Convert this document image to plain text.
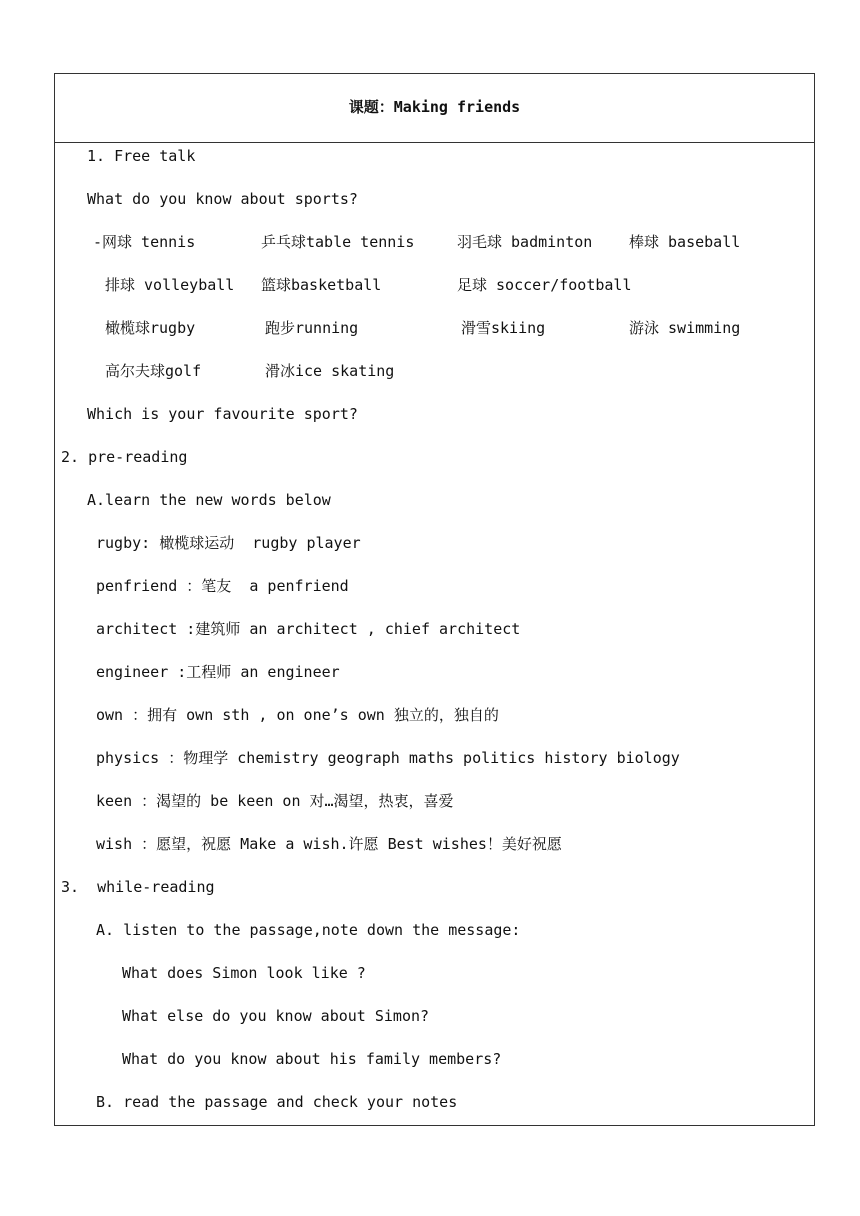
课题：Making friends
1. Free talk
What do you know about sports?
-网球 tennis	乒乓球table tennis	羽毛球 badminton 棒球 baseball
排球 volleyball 篮球basketball	足球 soccer/football
橄榄球rugby	跑步running	滑雪skiing	游泳 swimming
高尔夫球golf	滑冰ice skating
Which is your favourite sport?
2. pre-reading
A.learn the new words below
rugby: 橄榄球运动  rugby player
penfriend ：笔友  a penfriend
architect :建筑师 an architect , chief architect
engineer :工程师 an engineer
own ：拥有 own sth , on one’s own 独立的，独自的
physics ：物理学 chemistry geograph maths politics history biology
keen ：渴望的 be keen on 对…渴望，热衷，喜爱
wish ：愿望，祝愿 Make a wish.许愿 Best wishes！美好祝愿
3.  while-reading
A. listen to the passage,note down the message:
What does Simon look like ?
What else do you know about Simon?
What do you know about his family members?
B. read the passage and check your notes
